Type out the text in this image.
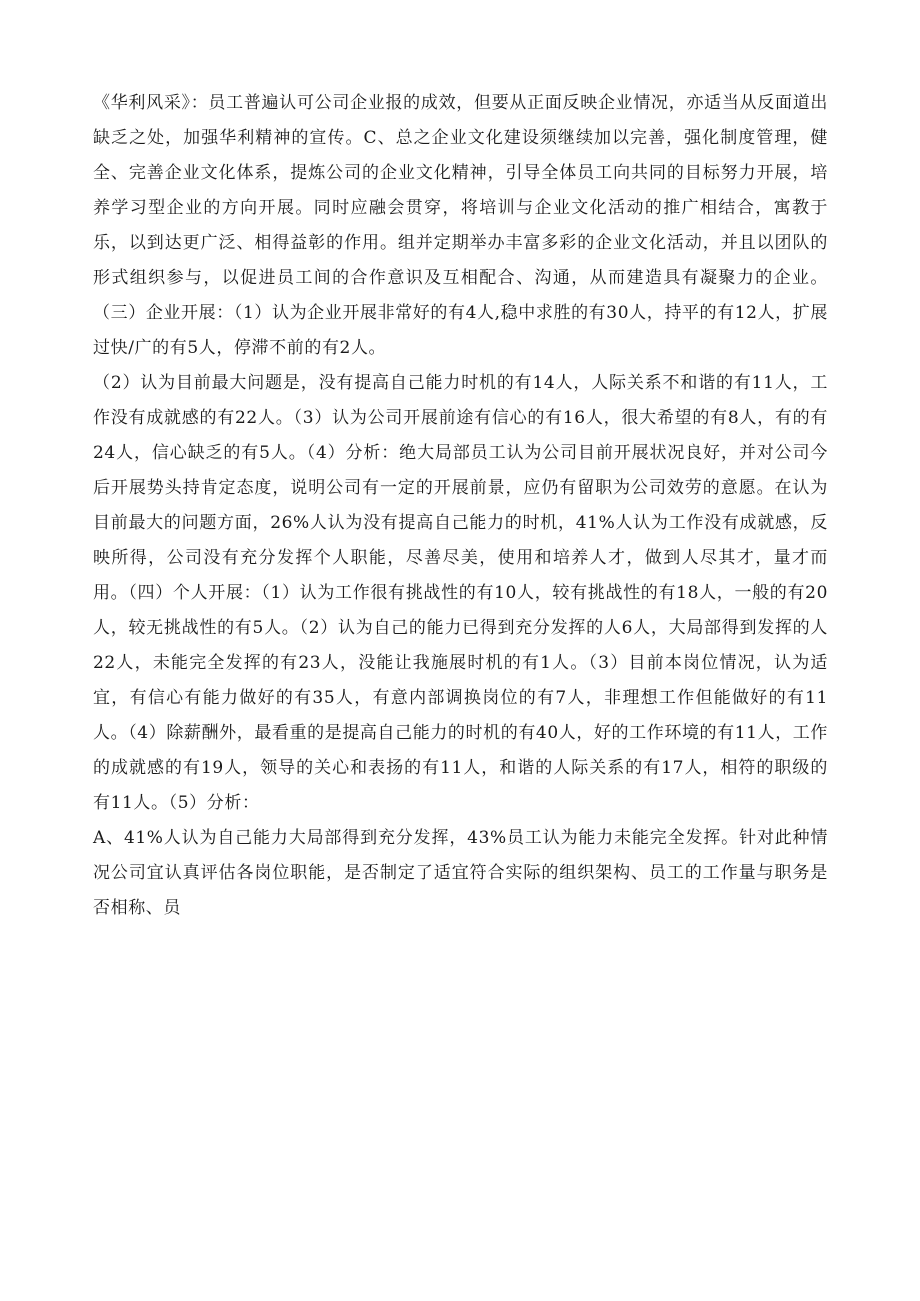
《华利风采》：员工普遍认可公司企业报的成效，但要从正面反映企业情况，亦适当从反面道出缺乏之处，加强华利精神的宣传。C、总之企业文化建设须继续加以完善，强化制度管理，健全、完善企业文化体系，提炼公司的企业文化精神，引导全体员工向共同的目标努力开展，培养学习型企业的方向开展。同时应融会贯穿，将培训与企业文化活动的推广相结合，寓教于乐，以到达更广泛、相得益彰的作用。组并定期举办丰富多彩的企业文化活动，并且以团队的形式组织参与，以促进员工间的合作意识及互相配合、沟通，从而建造具有凝聚力的企业。（三）企业开展：（1）认为企业开展非常好的有4人,稳中求胜的有30人，持平的有12人，扩展过快/广的有5人，停滞不前的有2人。

（2）认为目前最大问题是，没有提高自己能力时机的有14人，人际关系不和谐的有11人，工作没有成就感的有22人。（3）认为公司开展前途有信心的有16人，很大希望的有8人，有的有24人，信心缺乏的有5人。（4）分析：绝大局部员工认为公司目前开展状况良好，并对公司今后开展势头持肯定态度，说明公司有一定的开展前景，应仍有留职为公司效劳的意愿。在认为目前最大的问题方面，26%人认为没有提高自己能力的时机，41%人认为工作没有成就感，反映所得，公司没有充分发挥个人职能，尽善尽美，使用和培养人才，做到人尽其才，量才而用。（四）个人开展：（1）认为工作很有挑战性的有10人，较有挑战性的有18人，一般的有20人，较无挑战性的有5人。（2）认为自己的能力已得到充分发挥的人6人，大局部得到发挥的人22人，未能完全发挥的有23人，没能让我施展时机的有1人。（3）目前本岗位情况，认为适宜，有信心有能力做好的有35人，有意内部调换岗位的有7人，非理想工作但能做好的有11人。（4）除薪酬外，最看重的是提高自己能力的时机的有40人，好的工作环境的有11人，工作的成就感的有19人，领导的关心和表扬的有11人，和谐的人际关系的有17人，相符的职级的有11人。（5）分析：

A、41%人认为自己能力大局部得到充分发挥，43%员工认为能力未能完全发挥。针对此种情况公司宜认真评估各岗位职能，是否制定了适宜符合实际的组织架构、员工的工作量与职务是否相称、员
